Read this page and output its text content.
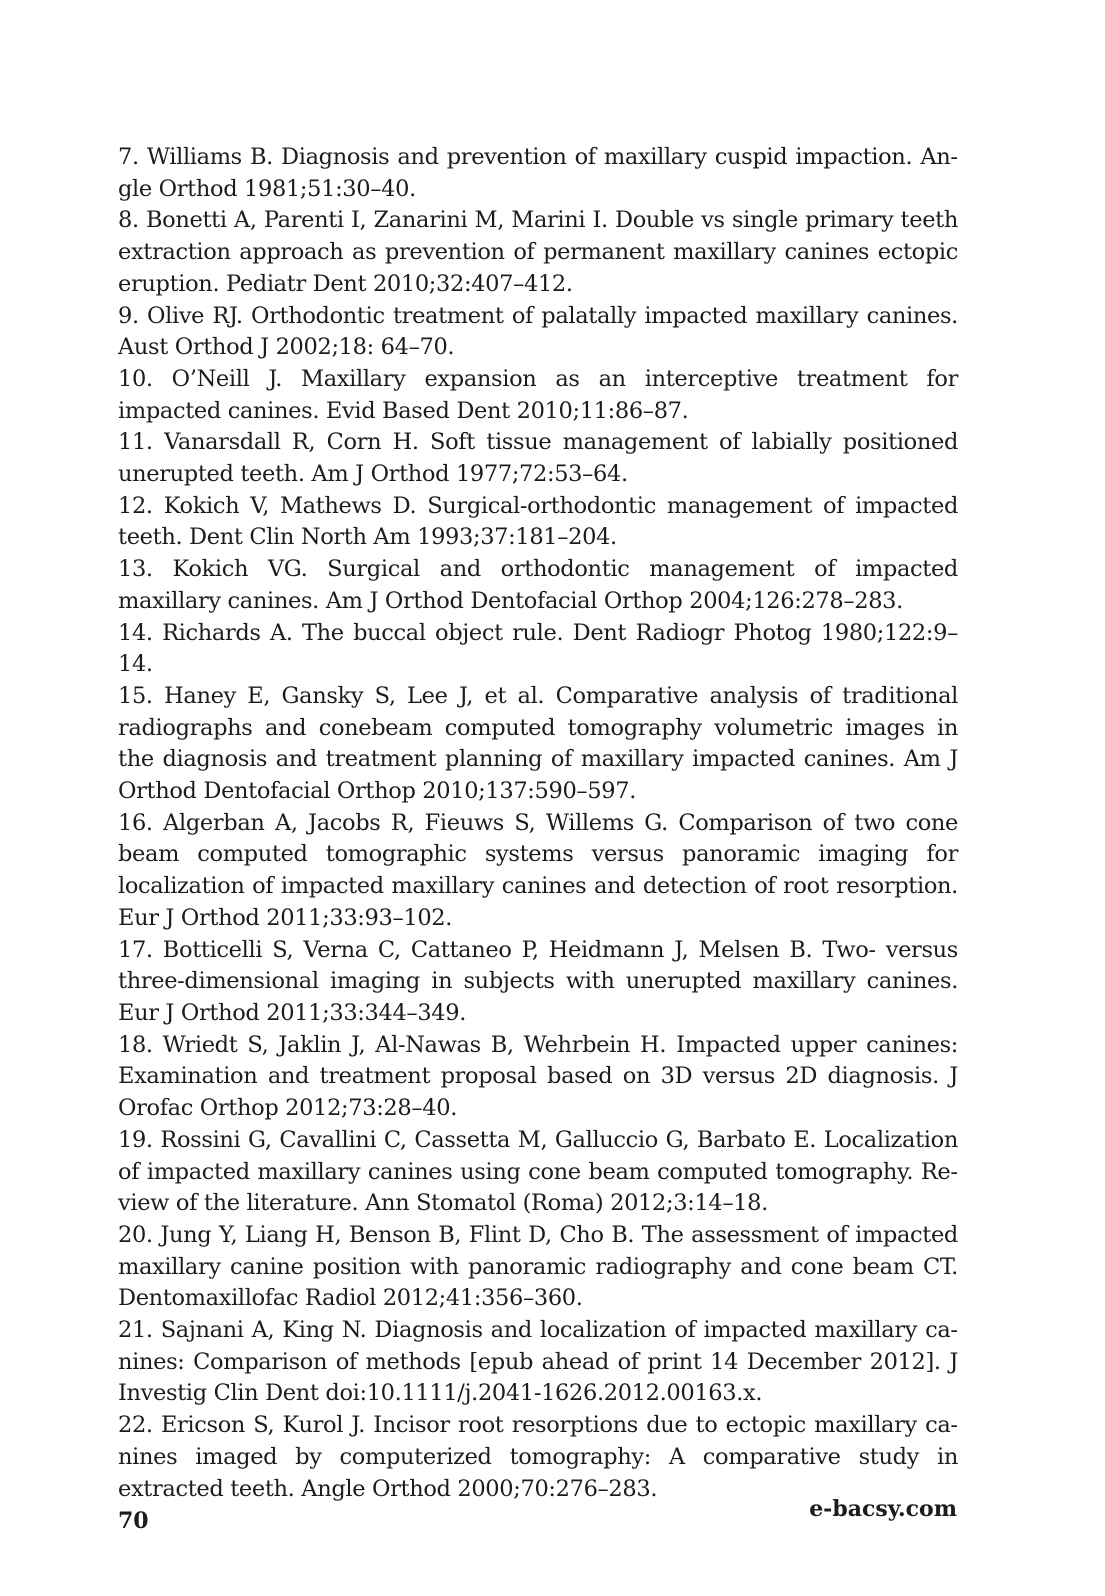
7. Williams B. Diagnosis and prevention of maxillary cuspid impaction. Angle Orthod 1981;51:30–40.

8. Bonetti A, Parenti I, Zanarini M, Marini I. Double vs single primary teeth extraction approach as prevention of permanent maxillary canines ectopic eruption. Pediatr Dent 2010;32:407–412.

9. Olive RJ. Orthodontic treatment of palatally impacted maxillary canines. Aust Orthod J 2002;18: 64–70.

10. O’Neill J. Maxillary expansion as an interceptive treatment for impacted canines. Evid Based Dent 2010;11:86–87.

11. Vanarsdall R, Corn H. Soft tissue management of labially positioned unerupted teeth. Am J Orthod 1977;72:53–64.

12. Kokich V, Mathews D. Surgical-orthodontic management of impacted teeth. Dent Clin North Am 1993;37:181–204.

13. Kokich VG. Surgical and orthodontic management of impacted maxillary canines. Am J Orthod Dentofacial Orthop 2004;126:278–283.

14. Richards A. The buccal object rule. Dent Radiogr Photog 1980;122:9–14.

15. Haney E, Gansky S, Lee J, et al. Comparative analysis of traditional radiographs and conebeam computed tomography volumetric images in the diagnosis and treatment planning of maxillary impacted canines. Am J Orthod Dentofacial Orthop 2010;137:590–597.

16. Algerban A, Jacobs R, Fieuws S, Willems G. Comparison of two cone beam computed tomographic systems versus panoramic imaging for localization of impacted maxillary canines and detection of root resorption. Eur J Orthod 2011;33:93–102.

17. Botticelli S, Verna C, Cattaneo P, Heidmann J, Melsen B. Two- versus three-dimensional imaging in subjects with unerupted maxillary canines. Eur J Orthod 2011;33:344–349.

18. Wriedt S, Jaklin J, Al-Nawas B, Wehrbein H. Impacted upper canines: Examination and treatment proposal based on 3D versus 2D diagnosis. J Orofac Orthop 2012;73:28–40.

19. Rossini G, Cavallini C, Cassetta M, Galluccio G, Barbato E. Localization of impacted maxillary canines using cone beam computed tomography. Review of the literature. Ann Stomatol (Roma) 2012;3:14–18.

20. Jung Y, Liang H, Benson B, Flint D, Cho B. The assessment of impacted maxillary canine position with panoramic radiography and cone beam CT. Dentomaxillofac Radiol 2012;41:356–360.

21. Sajnani A, King N. Diagnosis and localization of impacted maxillary canines: Comparison of methods [epub ahead of print 14 December 2012]. J Investig Clin Dent doi:10.1111/j.2041-1626.2012.00163.x.

22. Ericson S, Kurol J. Incisor root resorptions due to ectopic maxillary canines imaged by computerized tomography: A comparative study in extracted teeth. Angle Orthod 2000;70:276–283.

70	e-bacsy.com
